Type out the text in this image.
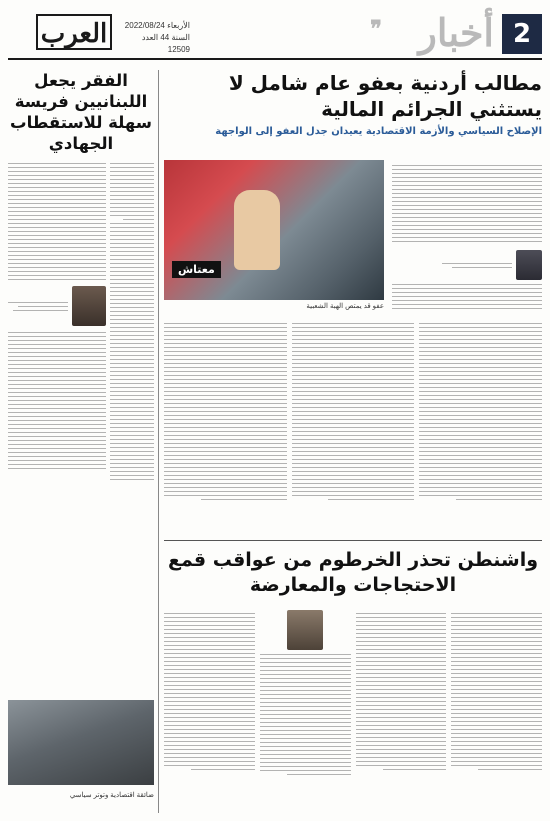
2
أخبار
❞
العرب	الأربعاء 2022/08/24
السنة 44 العدد 12509
الفقر يجعل اللبنانيين فريسة سهلة للاستقطاب الجهادي
ضائقة اقتصادية وتوتر سياسي
مطالب أردنية بعفو عام شامل لا يستثني الجرائم المالية
الإصلاح السياسي والأزمة الاقتصادية يعيدان جدل العفو إلى الواجهة
معتاش
عفو قد يمتص الهبة الشعبية
واشنطن تحذر الخرطوم من عواقب قمع الاحتجاجات والمعارضة
